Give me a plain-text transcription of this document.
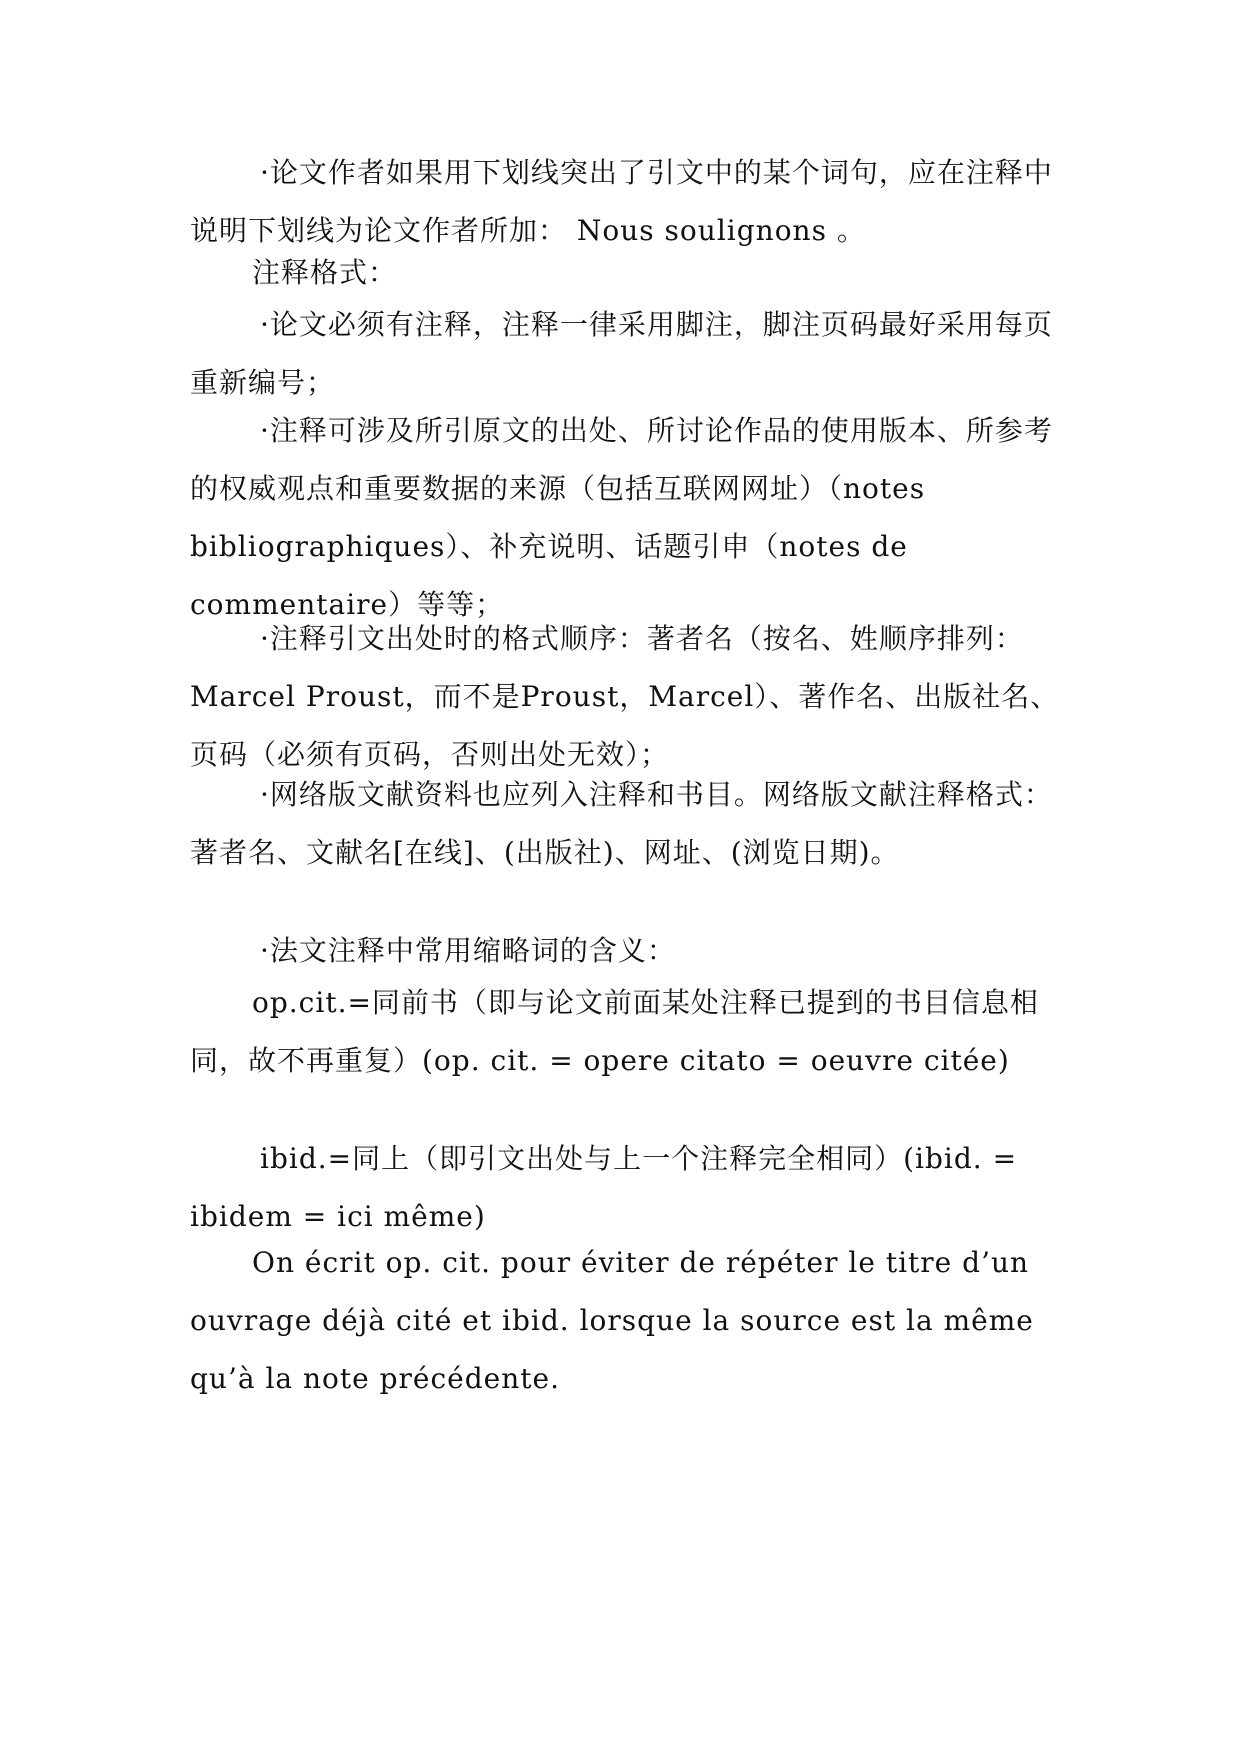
·论文作者如果用下划线突出了引文中的某个词句，应在注释中说明下划线为论文作者所加： Nous soulignons 。

注释格式：

·论文必须有注释，注释一律采用脚注，脚注页码最好采用每页重新编号；

·注释可涉及所引原文的出处、所讨论作品的使用版本、所参考的权威观点和重要数据的来源（包括互联网网址）（notes bibliographiques）、补充说明、话题引申（notes de commentaire）等等；

·注释引文出处时的格式顺序：著者名（按名、姓顺序排列：Marcel Proust，而不是Proust，Marcel）、著作名、出版社名、页码（必须有页码，否则出处无效）；

·网络版文献资料也应列入注释和书目。网络版文献注释格式：著者名、文献名[在线]、(出版社)、网址、(浏览日期)。

·法文注释中常用缩略词的含义：

op.cit.=同前书（即与论文前面某处注释已提到的书目信息相同，故不再重复）(op. cit. = opere citato = oeuvre citée)

ibid.=同上（即引文出处与上一个注释完全相同）(ibid. = ibidem = ici même)

On écrit op. cit. pour éviter de répéter le titre d’un ouvrage déjà cité et ibid. lorsque la source est la même qu’à la note précédente.
